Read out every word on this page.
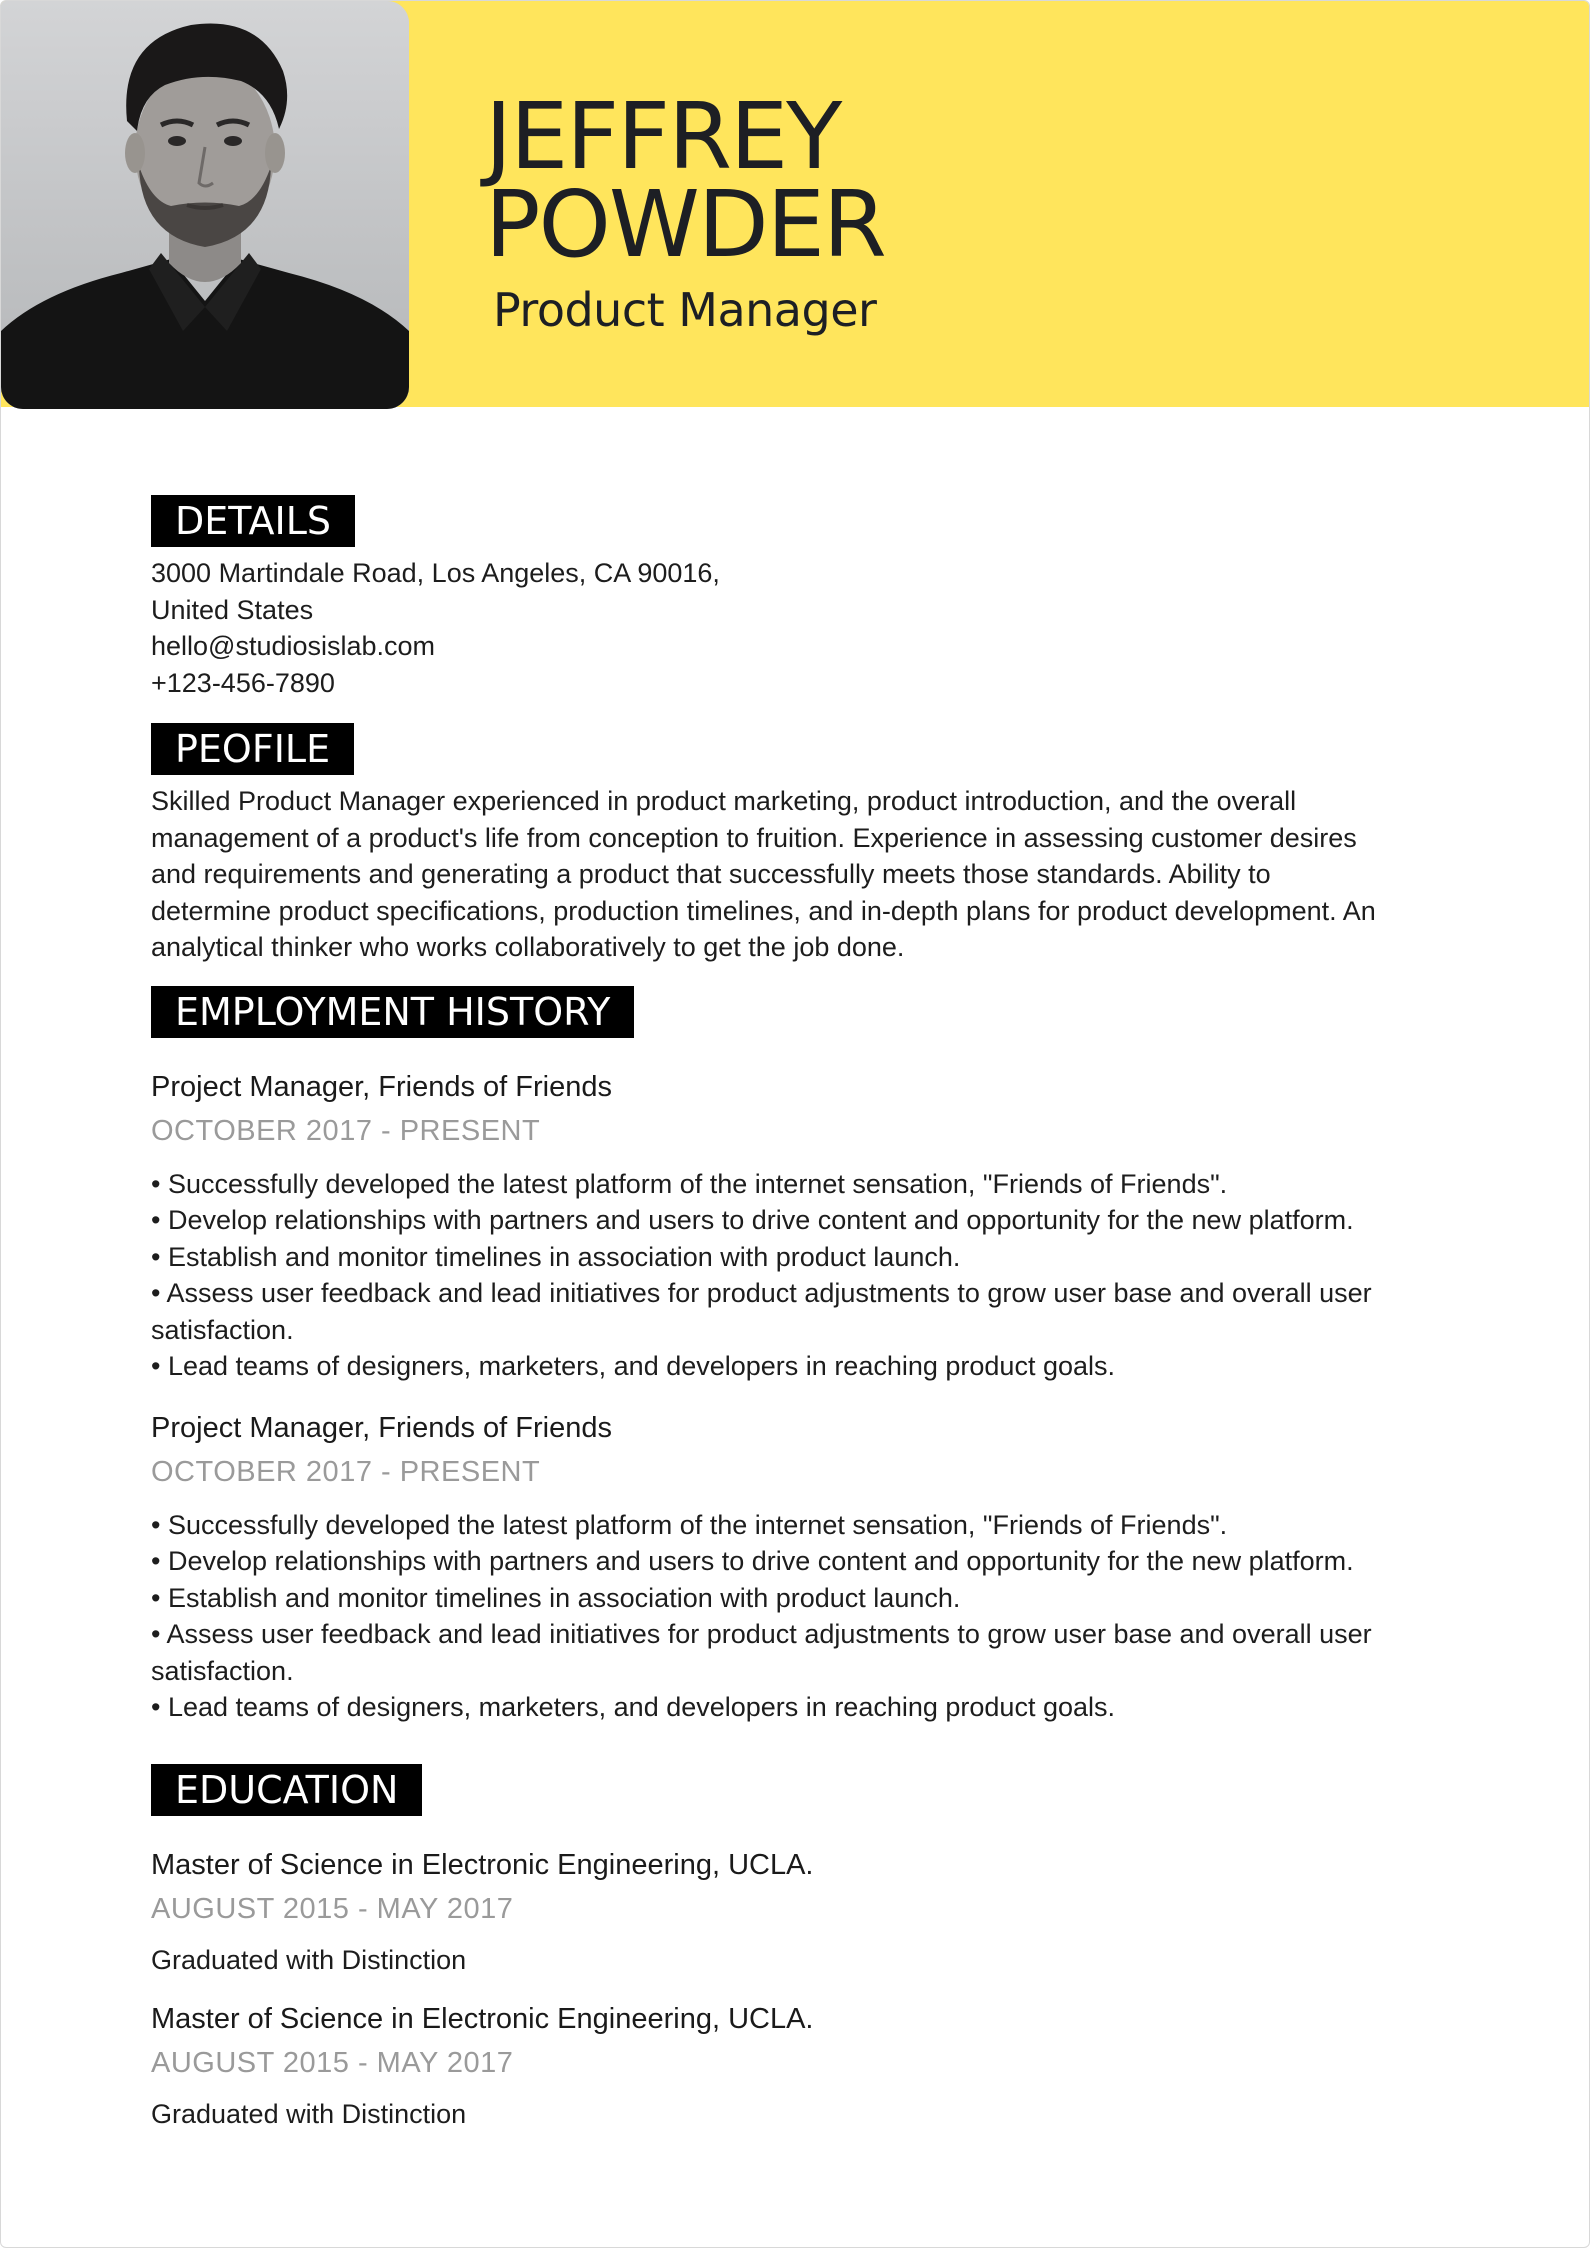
JEFFREY
POWDER
Product Manager
DETAILS
3000 Martindale Road, Los Angeles, CA 90016,
United States
hello@studiosislab.com
+123-456-7890
PEOFILE
Skilled Product Manager experienced in product marketing, product introduction, and the overall
management of a product's life from conception to fruition. Experience in assessing customer desires
and requirements and generating a product that successfully meets those standards. Ability to
determine product specifications, production timelines, and in-depth plans for product development. An
analytical thinker who works collaboratively to get the job done.
EMPLOYMENT HISTORY
Project Manager, Friends of Friends
OCTOBER 2017 - PRESENT
• Successfully developed the latest platform of the internet sensation, "Friends of Friends".
• Develop relationships with partners and users to drive content and opportunity for the new platform.
• Establish and monitor timelines in association with product launch.
• Assess user feedback and lead initiatives for product adjustments to grow user base and overall user
satisfaction.
• Lead teams of designers, marketers, and developers in reaching product goals.
Project Manager, Friends of Friends
OCTOBER 2017 - PRESENT
• Successfully developed the latest platform of the internet sensation, "Friends of Friends".
• Develop relationships with partners and users to drive content and opportunity for the new platform.
• Establish and monitor timelines in association with product launch.
• Assess user feedback and lead initiatives for product adjustments to grow user base and overall user
satisfaction.
• Lead teams of designers, marketers, and developers in reaching product goals.
EDUCATION
Master of Science in Electronic Engineering, UCLA.
AUGUST 2015 - MAY 2017
Graduated with Distinction
Master of Science in Electronic Engineering, UCLA.
AUGUST 2015 - MAY 2017
Graduated with Distinction
